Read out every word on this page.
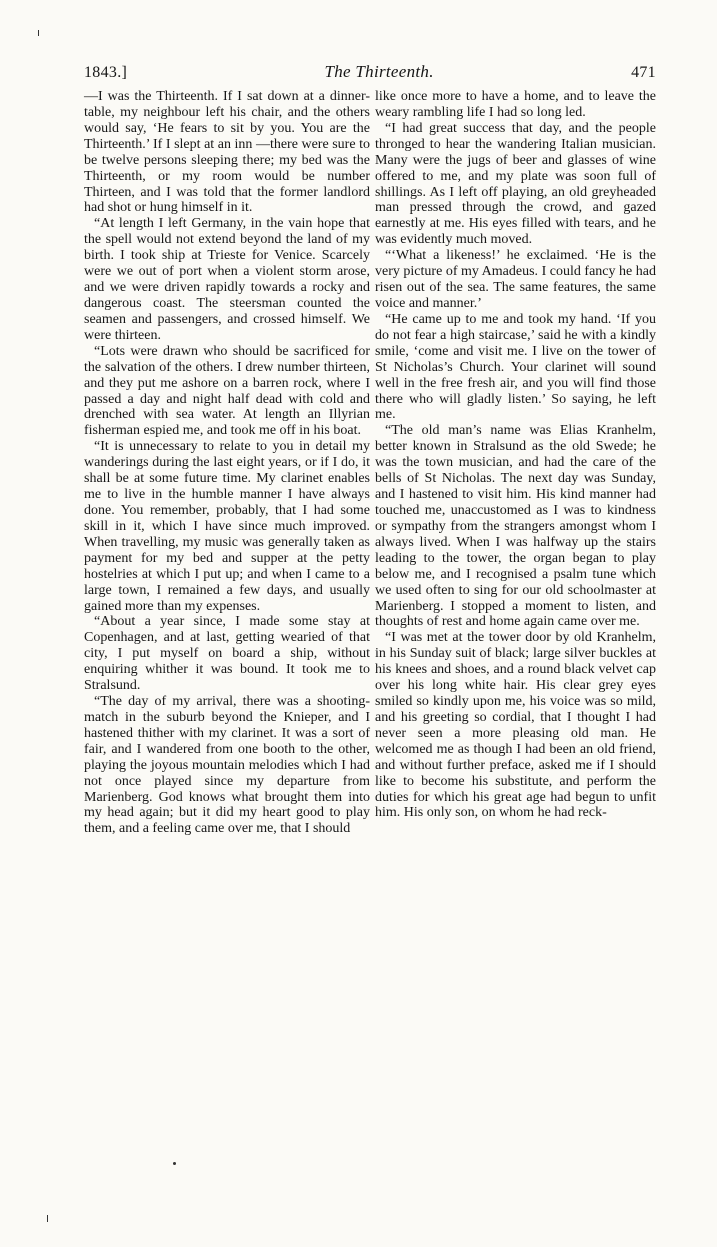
1843.]	The Thirteenth.	471

—I was the Thirteenth. If I sat down at a dinner-table, my neighbour left his chair, and the others would say, ‘He fears to sit by you. You are the Thirteenth.’ If I slept at an inn —there were sure to be twelve persons sleeping there; my bed was the Thirteenth, or my room would be number Thirteen, and I was told that the former landlord had shot or hung himself in it.

“At length I left Germany, in the vain hope that the spell would not extend beyond the land of my birth. I took ship at Trieste for Venice. Scarcely were we out of port when a violent storm arose, and we were driven rapidly towards a rocky and dangerous coast. The steersman counted the seamen and passengers, and crossed himself. We were thirteen.

“Lots were drawn who should be sacrificed for the salvation of the others. I drew number thirteen, and they put me ashore on a barren rock, where I passed a day and night half dead with cold and drenched with sea water. At length an Illyrian fisherman espied me, and took me off in his boat.

“It is unnecessary to relate to you in detail my wanderings during the last eight years, or if I do, it shall be at some future time. My clarinet enables me to live in the humble manner I have always done. You remember, probably, that I had some skill in it, which I have since much improved. When travelling, my music was generally taken as payment for my bed and supper at the petty hostelries at which I put up; and when I came to a large town, I remained a few days, and usually gained more than my expenses.

“About a year since, I made some stay at Copenhagen, and at last, getting wearied of that city, I put myself on board a ship, without enquiring whither it was bound. It took me to Stralsund.

“The day of my arrival, there was a shooting-match in the suburb beyond the Knieper, and I hastened thither with my clarinet. It was a sort of fair, and I wandered from one booth to the other, playing the joyous mountain melodies which I had not once played since my departure from Marienberg. God knows what brought them into my head again; but it did my heart good to play them, and a feeling came over me, that I should

like once more to have a home, and to leave the weary rambling life I had so long led.

“I had great success that day, and the people thronged to hear the wandering Italian musician. Many were the jugs of beer and glasses of wine offered to me, and my plate was soon full of shillings. As I left off playing, an old greyheaded man pressed through the crowd, and gazed earnestly at me. His eyes filled with tears, and he was evidently much moved.

“‘What a likeness!’ he exclaimed. ‘He is the very picture of my Amadeus. I could fancy he had risen out of the sea. The same features, the same voice and manner.’

“He came up to me and took my hand. ‘If you do not fear a high staircase,’ said he with a kindly smile, ‘come and visit me. I live on the tower of St Nicholas’s Church. Your clarinet will sound well in the free fresh air, and you will find those there who will gladly listen.’ So saying, he left me.

“The old man’s name was Elias Kranhelm, better known in Stralsund as the old Swede; he was the town musician, and had the care of the bells of St Nicholas. The next day was Sunday, and I hastened to visit him. His kind manner had touched me, unaccustomed as I was to kindness or sympathy from the strangers amongst whom I always lived. When I was halfway up the stairs leading to the tower, the organ began to play below me, and I recognised a psalm tune which we used often to sing for our old schoolmaster at Marienberg. I stopped a moment to listen, and thoughts of rest and home again came over me.

“I was met at the tower door by old Kranhelm, in his Sunday suit of black; large silver buckles at his knees and shoes, and a round black velvet cap over his long white hair. His clear grey eyes smiled so kindly upon me, his voice was so mild, and his greeting so cordial, that I thought I had never seen a more pleasing old man. He welcomed me as though I had been an old friend, and without further preface, asked me if I should like to become his substitute, and perform the duties for which his great age had begun to unfit him. His only son, on whom he had reck-
